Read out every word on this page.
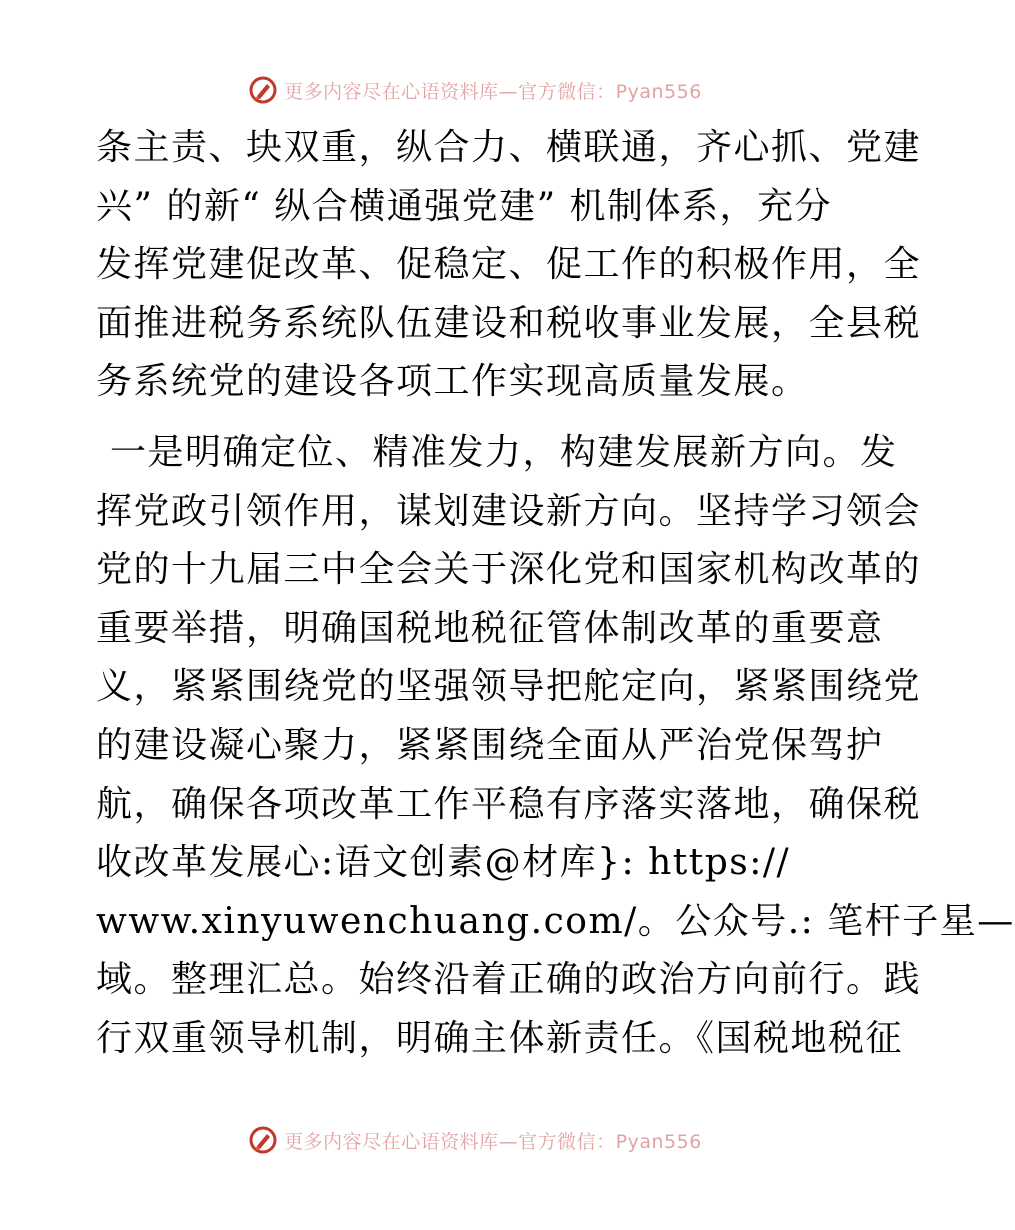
更多内容尽在心语资料库—官方微信：Pyan556
条主责、块双重，纵合力、横联通，齐心抓、党建
兴” 的新“ 纵合横通强党建” 机制体系，充分
发挥党建促改革、促稳定、促工作的积极作用，全
面推进税务系统队伍建设和税收事业发展，全县税
务系统党的建设各项工作实现高质量发展。
一是明确定位、精准发力，构建发展新方向。发
挥党政引领作用，谋划建设新方向。坚持学习领会
党的十九届三中全会关于深化党和国家机构改革的
重要举措，明确国税地税征管体制改革的重要意
义，紧紧围绕党的坚强领导把舵定向，紧紧围绕党
的建设凝心聚力，紧紧围绕全面从严治党保驾护
航，确保各项改革工作平稳有序落实落地，确保税
收改革发展心:语文创素@材库}: https://
www.xinyuwenchuang.com/。公众号.: 笔杆子星—
域。整理汇总。始终沿着正确的政治方向前行。践
行双重领导机制，明确主体新责任。《国税地税征
更多内容尽在心语资料库—官方微信：Pyan556
